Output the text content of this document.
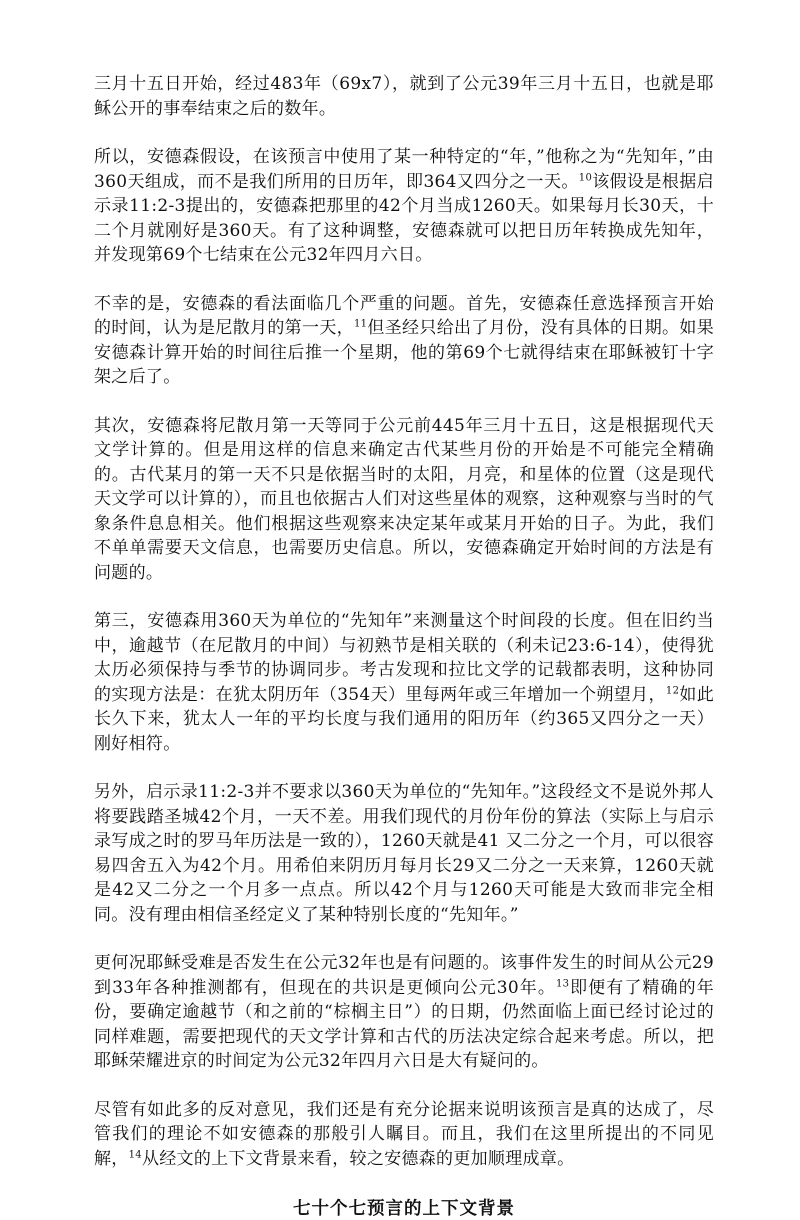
三月十五日开始，经过483年（69x7），就到了公元39年三月十五日，也就是耶稣公开的事奉结束之后的数年。

所以，安德森假设，在该预言中使用了某一种特定的“年，”他称之为“先知年，”由360天组成，而不是我们所用的日历年，即364又四分之一天。$^{10}$该假设是根据启示录11:2-3提出的，安德森把那里的42个月当成1260天。如果每月长30天，十二个月就刚好是360天。有了这种调整，安德森就可以把日历年转换成先知年，并发现第69个七结束在公元32年四月六日。

不幸的是，安德森的看法面临几个严重的问题。首先，安德森任意选择预言开始的时间，认为是尼散月的第一天，$^{11}$但圣经只给出了月份，没有具体的日期。如果安德森计算开始的时间往后推一个星期，他的第69个七就得结束在耶稣被钉十字架之后了。

其次，安德森将尼散月第一天等同于公元前445年三月十五日，这是根据现代天文学计算的。但是用这样的信息来确定古代某些月份的开始是不可能完全精确的。古代某月的第一天不只是依据当时的太阳，月亮，和星体的位置（这是现代天文学可以计算的），而且也依据古人们对这些星体的观察，这种观察与当时的气象条件息息相关。他们根据这些观察来决定某年或某月开始的日子。为此，我们不单单需要天文信息，也需要历史信息。所以，安德森确定开始时间的方法是有问题的。

第三，安德森用360天为单位的“先知年”来测量这个时间段的长度。但在旧约当中，逾越节（在尼散月的中间）与初熟节是相关联的（利未记23:6-14），使得犹太历必须保持与季节的协调同步。考古发现和拉比文学的记载都表明，这种协同的实现方法是：在犹太阴历年（354天）里每两年或三年增加一个朔望月，$^{12}$如此长久下来，犹太人一年的平均长度与我们通用的阳历年（约365又四分之一天）刚好相符。

另外，启示录11:2-3并不要求以360天为单位的“先知年。”这段经文不是说外邦人将要践踏圣城42个月，一天不差。用我们现代的月份年份的算法（实际上与启示录写成之时的罗马年历法是一致的），1260天就是41 又二分之一个月，可以很容易四舍五入为42个月。用希伯来阴历月每月长29又二分之一天来算，1260天就是42又二分之一个月多一点点。所以42个月与1260天可能是大致而非完全相同。没有理由相信圣经定义了某种特别长度的“先知年。”

更何况耶稣受难是否发生在公元32年也是有问题的。该事件发生的时间从公元29到33年各种推测都有，但现在的共识是更倾向公元30年。$^{13}$即便有了精确的年份，要确定逾越节（和之前的“棕榈主日”）的日期，仍然面临上面已经讨论过的同样难题，需要把现代的天文学计算和古代的历法决定综合起来考虑。所以，把耶稣荣耀进京的时间定为公元32年四月六日是大有疑问的。

尽管有如此多的反对意见，我们还是有充分论据来说明该预言是真的达成了，尽管我们的理论不如安德森的那般引人瞩目。而且，我们在这里所提出的不同见解，$^{14}$从经文的上下文背景来看，较之安德森的更加顺理成章。

七十个七预言的上下文背景
